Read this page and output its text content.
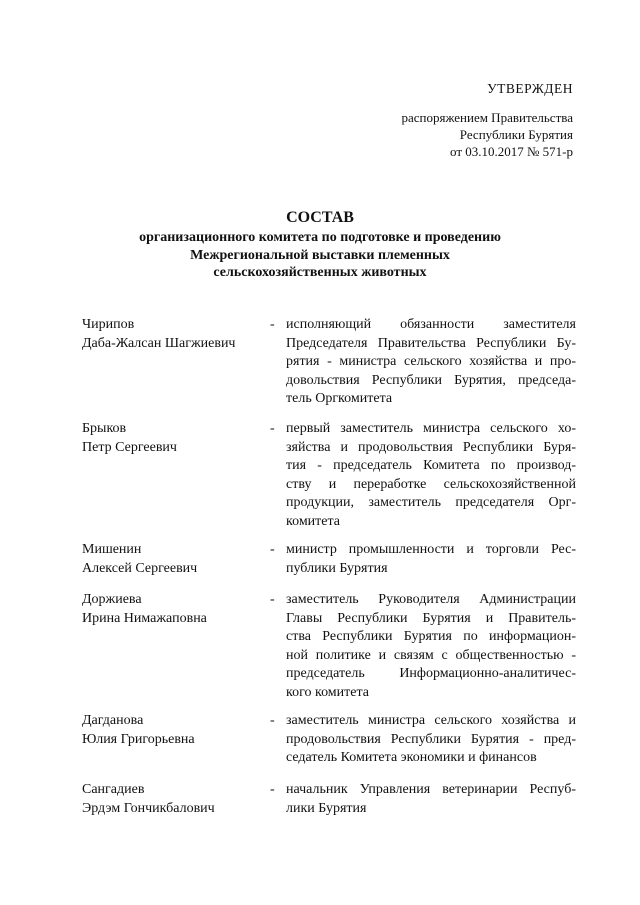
УТВЕРЖДЕН
распоряжением Правительства
Республики Бурятия
от 03.10.2017 № 571-р
СОСТАВ
организационного комитета по подготовке и проведению
Межрегиональной выставки племенных
сельскохозяйственных животных
Чирипов
Даба-Жалсан Шагжиевич
- исполняющий обязанности заместителя
Председателя Правительства Республики Бу-
рятия - министра сельского хозяйства и про-
довольствия Республики Бурятия, председа-
тель Оргкомитета
Брыков
Петр Сергеевич
- первый заместитель министра сельского хо-
зяйства и продовольствия Республики Буря-
тия - председатель Комитета по производ-
ству и переработке сельскохозяйственной
продукции, заместитель председателя Орг-
комитета
Мишенин
Алексей Сергеевич
- министр промышленности и торговли Рес-
публики Бурятия
Доржиева
Ирина Нимажаповна
- заместитель Руководителя Администрации
Главы Республики Бурятия и Правитель-
ства Республики Бурятия по информацион-
ной политике и связям с общественностью -
председатель Информационно-аналитичес-
кого комитета
Дагданова
Юлия Григорьевна
- заместитель министра сельского хозяйства и
продовольствия Республики Бурятия - пред-
седатель Комитета экономики и финансов
Сангадиев
Эрдэм Гончикбалович
- начальник Управления ветеринарии Респуб-
лики Бурятия
